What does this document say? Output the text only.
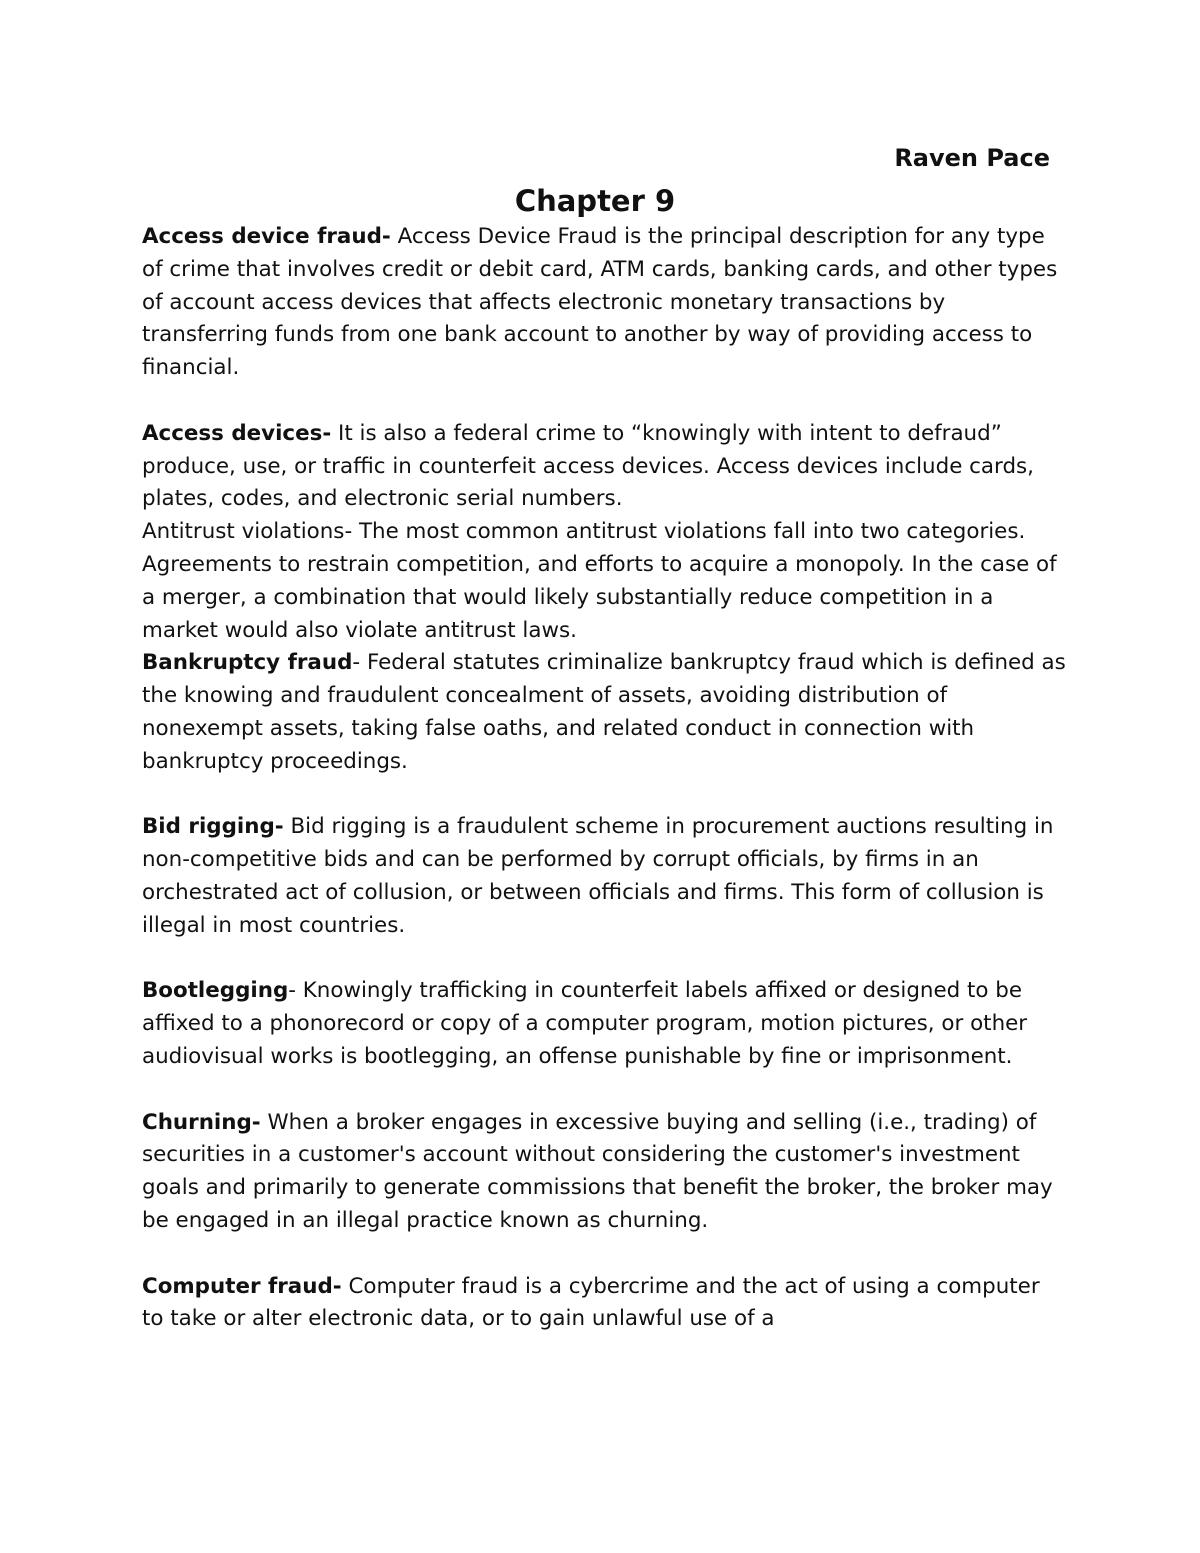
Raven Pace

Chapter 9

Access device fraud- Access Device Fraud is the principal description for any type of crime that involves credit or debit card, ATM cards, banking cards, and other types of account access devices that affects electronic monetary transactions by transferring funds from one bank account to another by way of providing access to financial.

Access devices- It is also a federal crime to “knowingly with intent to defraud” produce, use, or traffic in counterfeit access devices. Access devices include cards, plates, codes, and electronic serial numbers.

Antitrust violations- The most common antitrust violations fall into two categories. Agreements to restrain competition, and efforts to acquire a monopoly. In the case of a merger, a combination that would likely substantially reduce competition in a market would also violate antitrust laws.

Bankruptcy fraud- Federal statutes criminalize bankruptcy fraud which is defined as the knowing and fraudulent concealment of assets, avoiding distribution of nonexempt assets, taking false oaths, and related conduct in connection with bankruptcy proceedings.

Bid rigging- Bid rigging is a fraudulent scheme in procurement auctions resulting in non-competitive bids and can be performed by corrupt officials, by firms in an orchestrated act of collusion, or between officials and firms. This form of collusion is illegal in most countries.

Bootlegging- Knowingly trafficking in counterfeit labels affixed or designed to be affixed to a phonorecord or copy of a computer program, motion pictures, or other audiovisual works is bootlegging, an offense punishable by fine or imprisonment.

Churning- When a broker engages in excessive buying and selling (i.e., trading) of securities in a customer's account without considering the customer's investment goals and primarily to generate commissions that benefit the broker, the broker may be engaged in an illegal practice known as churning.

Computer fraud- Computer fraud is a cybercrime and the act of using a computer to take or alter electronic data, or to gain unlawful use of a
